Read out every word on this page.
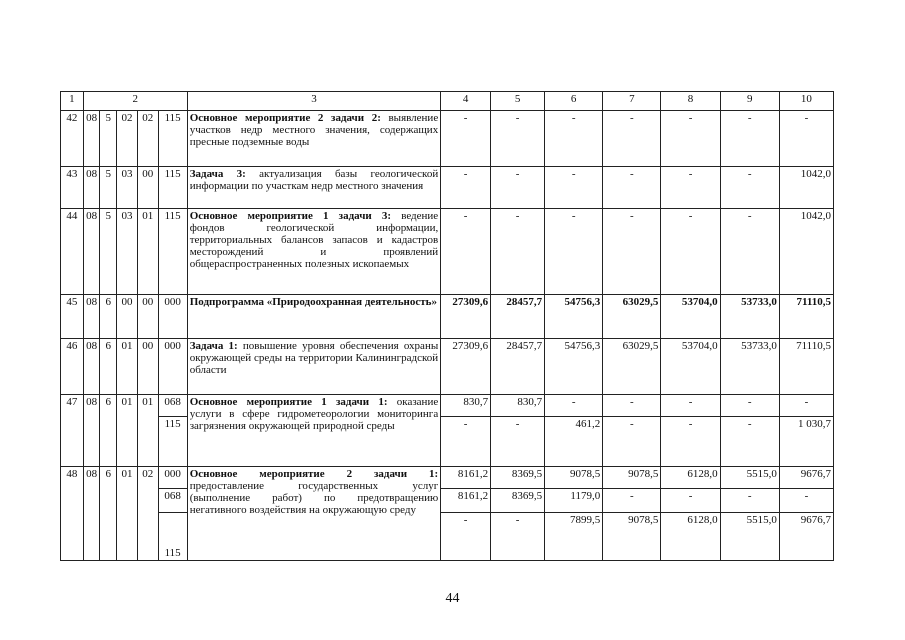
1	2					3	4	5	6	7	8	9	10
42	08	5	02	02	115	Основное мероприятие 2 задачи 2: выявление участков недр местного значения, содержащих пресные подземные воды	-	-	-	-	-	-	-
43	08	5	03	00	115	Задача 3: актуализация базы геологической информации по участкам недр местного значения	-	-	-	-	-	-	1042,0
44	08	5	03	01	115	Основное мероприятие 1 задачи 3: ведение фондов геологической информации, территориальных балансов запасов и кадастров месторождений и проявлений общераспространенных полезных ископаемых	-	-	-	-	-	-	1042,0
45	08	6	00	00	000	Подпрограмма «Природоохранная деятельность»	27309,6	28457,7	54756,3	63029,5	53704,0	53733,0	71110,5
46	08	6	01	00	000	Задача 1: повышение уровня обеспечения охраны окружающей среды на территории Калининградской области	27309,6	28457,7	54756,3	63029,5	53704,0	53733,0	71110,5
47	08	6	01	01	068	Основное мероприятие 1 задачи 1: оказание услуги в сфере гидрометеорологии мониторинга загрязнения окружающей природной среды	830,7	830,7	-	-	-	-	-
					115		-	-	461,2	-	-	-	1 030,7
48	08	6	01	02	000	Основное мероприятие 2 задачи 1: предоставление государственных услуг (выполнение работ) по предотвращению негативного воздействия на окружающую среду	8161,2	8369,5	9078,5	9078,5	6128,0	5515,0	9676,7
					068		8161,2	8369,5	1179,0	-	-	-	-
					115		-	-	7899,5	9078,5	6128,0	5515,0	9676,7
44
